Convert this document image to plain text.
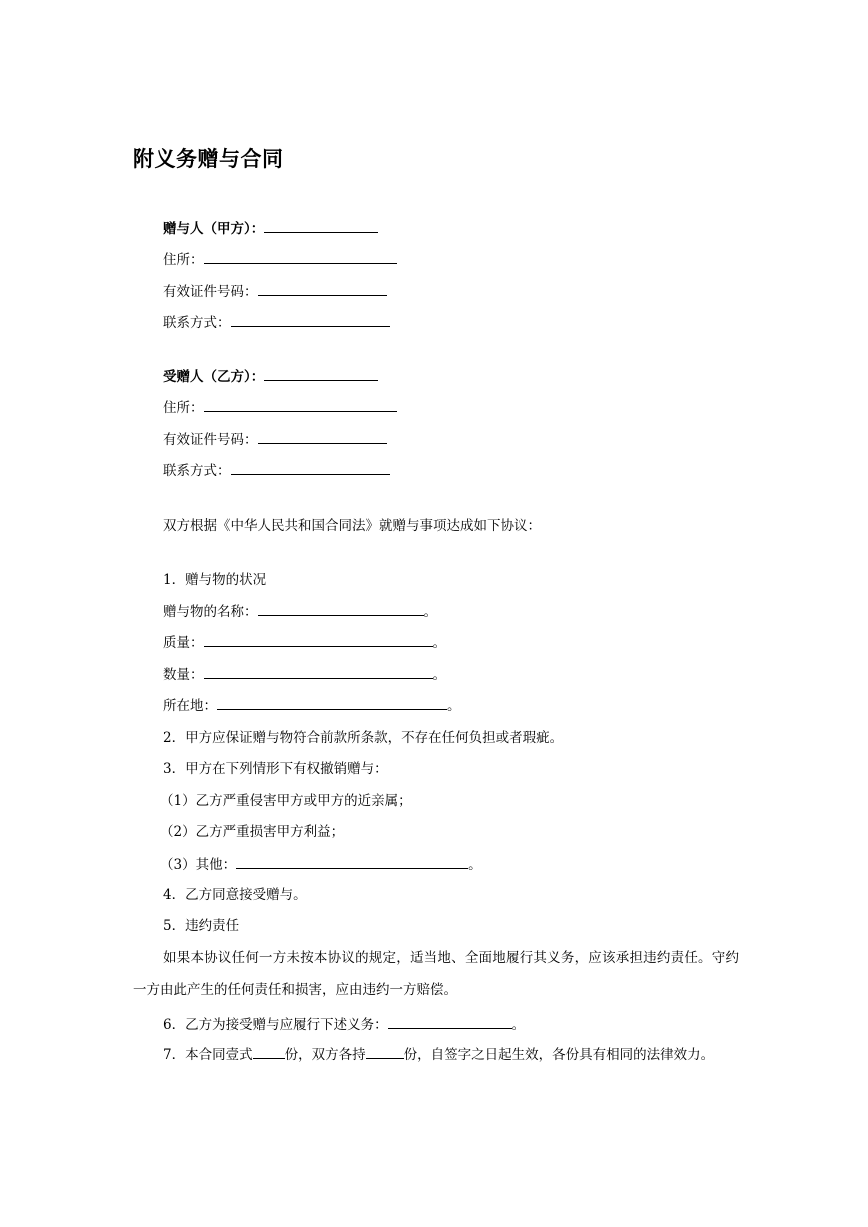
附义务赠与合同
赠与人（甲方）：
住所：
有效证件号码：
联系方式：
受赠人（乙方）：
住所：
有效证件号码：
联系方式：
双方根据《中华人民共和国合同法》就赠与事项达成如下协议：
1．赠与物的状况
赠与物的名称：	。
质量：	。
数量：	。
所在地：	。
2．甲方应保证赠与物符合前款所条款，不存在任何负担或者瑕疵。
3．甲方在下列情形下有权撤销赠与：
（1）乙方严重侵害甲方或甲方的近亲属；
（2）乙方严重损害甲方利益；
（3）其他：	。
4．乙方同意接受赠与。
5．违约责任
如果本协议任何一方未按本协议的规定，适当地、全面地履行其义务，应该承担违约责任。守约一方由此产生的任何责任和损害，应由违约一方赔偿。
6．乙方为接受赠与应履行下述义务：	。
7．本合同壹式 份，双方各持	份，自签字之日起生效，各份具有相同的法律效力。
